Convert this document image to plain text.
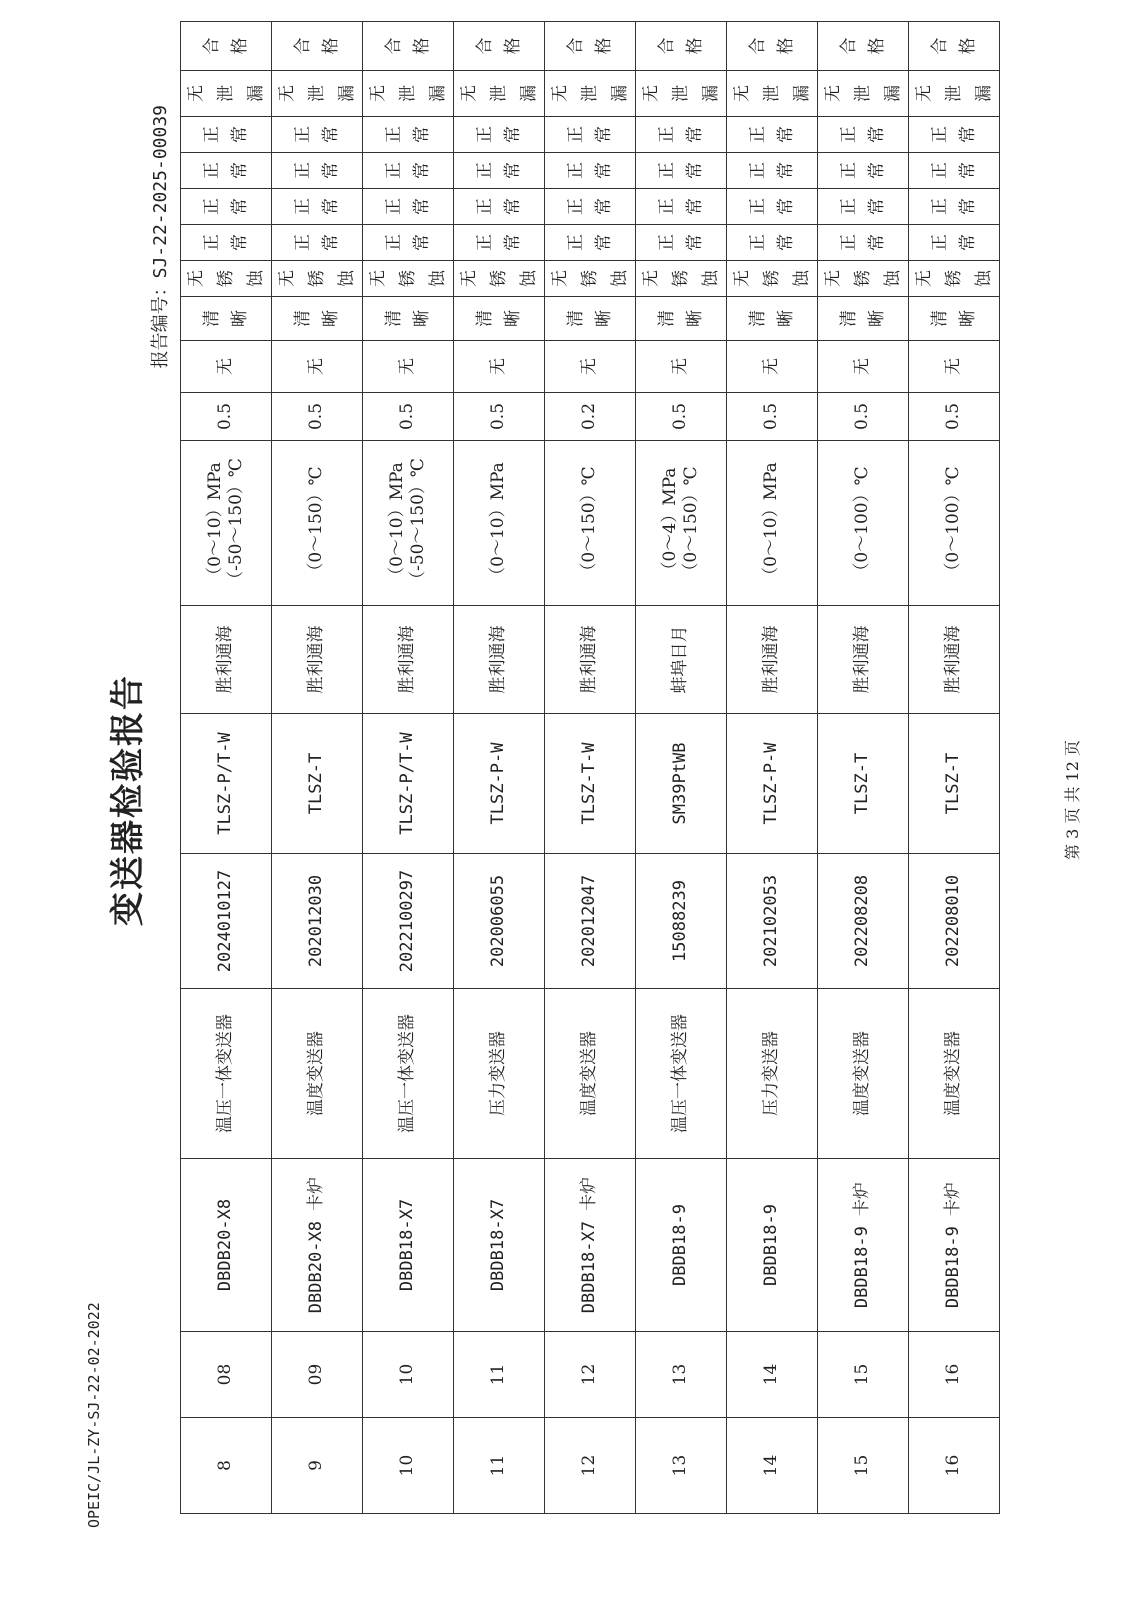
OPEIC/JL-ZY-SJ-22-02-2022
变送器检验报告
报告编号：SJ-22-2025-00039
8	08	DBDB20-X8	温压一体变送器	2024010127	TLSZ-P/T-W	胜利通海	（0～10）MPa （-50～150）℃	0.5	无	清 晰	无 锈 蚀	正 常	正 常	正 常	正 常	无 泄 漏	合 格

9	09	DBDB20-X8 卡炉	温度变送器	202012030	TLSZ-T	胜利通海	（0～150）℃	0.5	无	清 晰	无 锈 蚀	正 常	正 常	正 常	正 常	无 泄 漏	合 格

10	10	DBDB18-X7	温压一体变送器	2022100297	TLSZ-P/T-W	胜利通海	（0～10）MPa （-50～150）℃	0.5	无	清 晰	无 锈 蚀	正 常	正 常	正 常	正 常	无 泄 漏	合 格

11	11	DBDB18-X7	压力变送器	202006055	TLSZ-P-W	胜利通海	（0～10）MPa	0.5	无	清 晰	无 锈 蚀	正 常	正 常	正 常	正 常	无 泄 漏	合 格

12	12	DBDB18-X7 卡炉	温度变送器	202012047	TLSZ-T-W	胜利通海	（0～150）℃	0.2	无	清 晰	无 锈 蚀	正 常	正 常	正 常	正 常	无 泄 漏	合 格

13	13	DBDB18-9	温压一体变送器	15088239	SM39PtWB	蚌埠日月	（0～4）MPa （0～150）℃	0.5	无	清 晰	无 锈 蚀	正 常	正 常	正 常	正 常	无 泄 漏	合 格

14	14	DBDB18-9	压力变送器	202102053	TLSZ-P-W	胜利通海	（0～10）MPa	0.5	无	清 晰	无 锈 蚀	正 常	正 常	正 常	正 常	无 泄 漏	合 格

15	15	DBDB18-9 卡炉	温度变送器	202208208	TLSZ-T	胜利通海	（0～100）℃	0.5	无	清 晰	无 锈 蚀	正 常	正 常	正 常	正 常	无 泄 漏	合 格

16	16	DBDB18-9 卡炉	温度变送器	202208010	TLSZ-T	胜利通海	（0～100）℃	0.5	无	清 晰	无 锈 蚀	正 常	正 常	正 常	正 常	无 泄 漏	合 格
第 3 页 共 12 页
